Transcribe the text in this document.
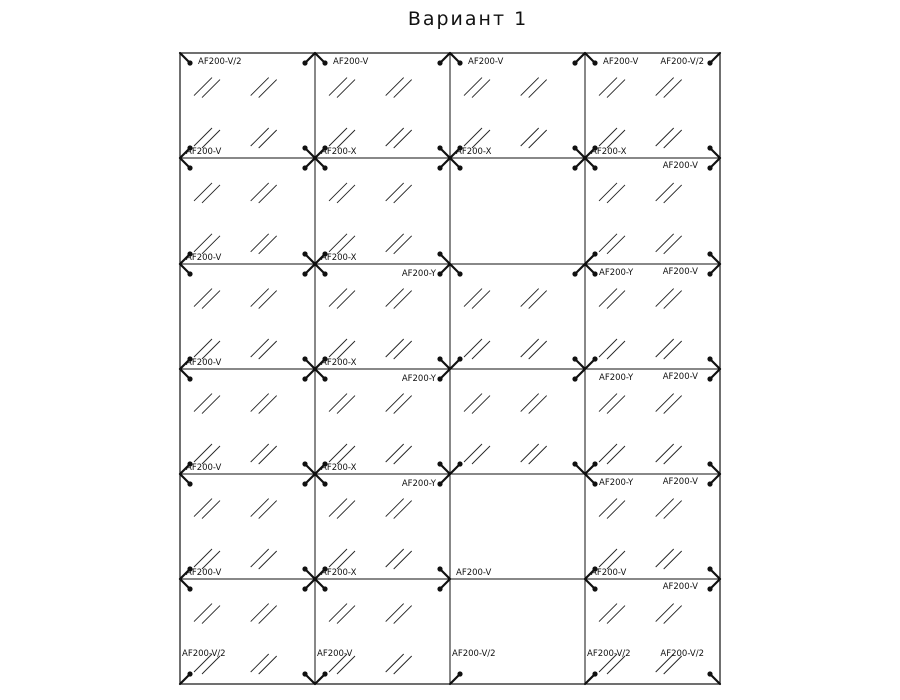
Вариант 1
AF200-V/2	AF200-V	AF200-V	AF200-V	AF200-V/2
AF200-V	AF200-X	AF200-X	AF200-X
AF200-V
AF200-V	AF200-X
AF200-Y	AF200-Y	AF200-V
AF200-V	AF200-X
AF200-Y	AF200-Y	AF200-V
AF200-V	AF200-X
AF200-Y	AF200-Y	AF200-V
AF200-V	AF200-X	AF200-V	AF200-V
AF200-V
AF200-V/2	AF200-V	AF200-V/2	AF200-V/2	AF200-V/2
